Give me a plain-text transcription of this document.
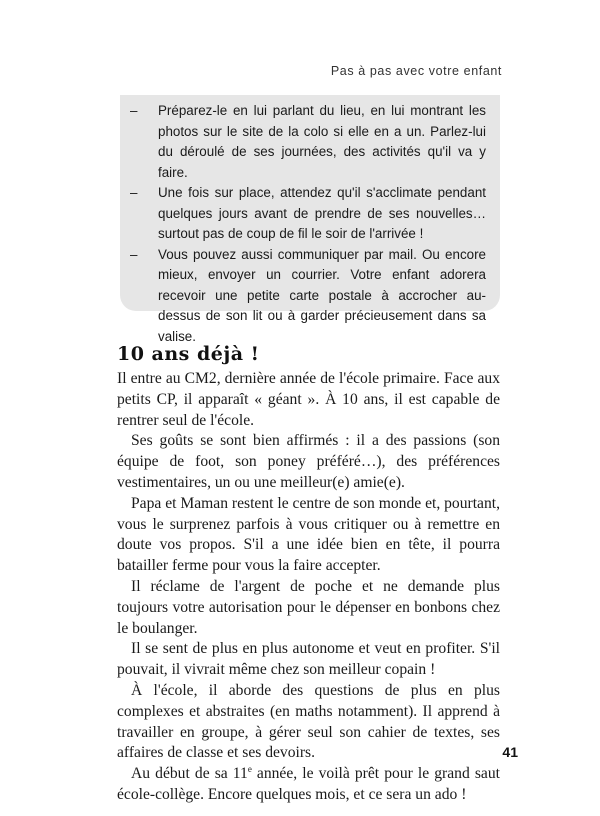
Pas à pas avec votre enfant
–	Préparez-le en lui parlant du lieu, en lui montrant les photos sur le site de la colo si elle en a un. Parlez-lui du déroulé de ses journées, des activités qu'il va y faire.
–	Une fois sur place, attendez qu'il s'acclimate pendant quelques jours avant de prendre de ses nouvelles… surtout pas de coup de fil le soir de l'arrivée !
–	Vous pouvez aussi communiquer par mail. Ou encore mieux, envoyer un courrier. Votre enfant adorera recevoir une petite carte postale à accrocher au-dessus de son lit ou à garder précieusement dans sa valise.
10 ans déjà !

Il entre au CM2, dernière année de l'école primaire. Face aux petits CP, il apparaît « géant ». À 10 ans, il est capable de rentrer seul de l'école.

Ses goûts se sont bien affirmés : il a des passions (son équipe de foot, son poney préféré…), des préférences vestimentaires, un ou une meilleur(e) amie(e).

Papa et Maman restent le centre de son monde et, pourtant, vous le surprenez parfois à vous critiquer ou à remettre en doute vos propos. S'il a une idée bien en tête, il pourra batailler ferme pour vous la faire accepter.

Il réclame de l'argent de poche et ne demande plus toujours votre autorisation pour le dépenser en bonbons chez le boulanger.

Il se sent de plus en plus autonome et veut en profiter. S'il pouvait, il vivrait même chez son meilleur copain !

À l'école, il aborde des questions de plus en plus complexes et abstraites (en maths notamment). Il apprend à travailler en groupe, à gérer seul son cahier de textes, ses affaires de classe et ses devoirs.

Au début de sa 11e année, le voilà prêt pour le grand saut école-collège. Encore quelques mois, et ce sera un ado !

41
